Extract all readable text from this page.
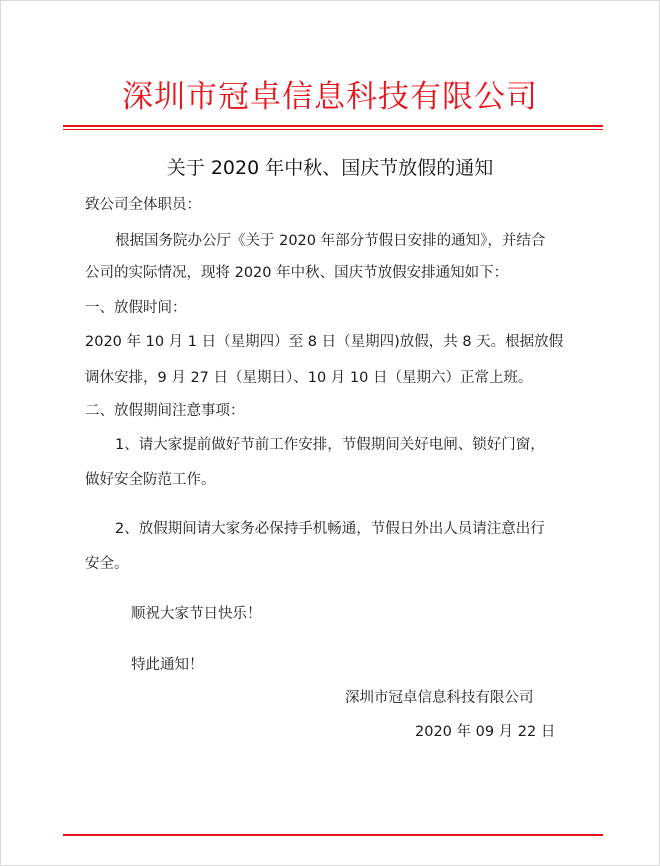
深圳市冠卓信息科技有限公司
关于 2020 年中秋、国庆节放假的通知
致公司全体职员：
根据国务院办公厅《关于 2020 年部分节假日安排的通知》，并结合
公司的实际情况，现将 2020 年中秋、国庆节放假安排通知如下：
一、放假时间：
2020 年 10 月 1 日（星期四）至 8 日（星期四)放假，共 8 天。根据放假
调休安排，9 月 27 日（星期日）、10 月 10 日（星期六）正常上班。
二、放假期间注意事项：
1、请大家提前做好节前工作安排，节假期间关好电闸、锁好门窗，
做好安全防范工作。
2、放假期间请大家务必保持手机畅通，节假日外出人员请注意出行
安全。
顺祝大家节日快乐！
特此通知！
深圳市冠卓信息科技有限公司
2020 年 09 月 22 日
